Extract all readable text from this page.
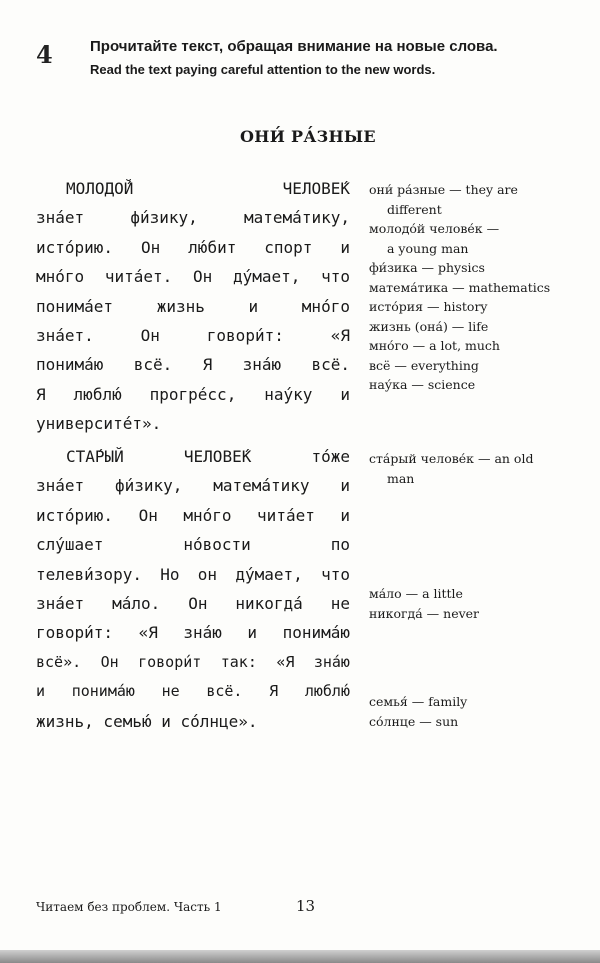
4 Прочитайте текст, обращая внимание на новые слова.
Read the text paying careful attention to the new words.
ОНИ́ РА́ЗНЫЕ
МОЛОДО́Й	ЧЕЛОВЕ́К
зна́ет	фи́зику,	матема́тику,
исто́рию. Он лю́бит спорт и
мно́го чита́ет. Он ду́мает, что
понима́ет	жизнь	и	мно́го
зна́ет.	Он	говори́т:	«Я
понима́ю всё. Я зна́ю всё.
Я люблю́ прогре́сс, нау́ку и
университе́т».
СТА́РЫЙ	ЧЕЛОВЕ́К	то́же
зна́ет фи́зику, матема́тику и
исто́рию. Он мно́го чита́ет и
слу́шает	но́вости	по
телеви́зору. Но он ду́мает, что
зна́ет ма́ло. Он никогда́ не
говори́т: «Я зна́ю и понима́ю
всё». Он говори́т так: «Я зна́ю
и понима́ю не всё. Я люблю́
жизнь, семью́ и со́лнце».
они́ ра́зные — they are
different
молодо́й челове́к —
a young man
фи́зика — physics
матема́тика — mathematics
исто́рия — history
жизнь (она́) — life
мно́го — a lot, much
всё — everything
нау́ка — science
ста́рый челове́к — an old
man
ма́ло — a little
никогда́ — never
семья́ — family
со́лнце — sun
Читаем без проблем. Часть 1	13
